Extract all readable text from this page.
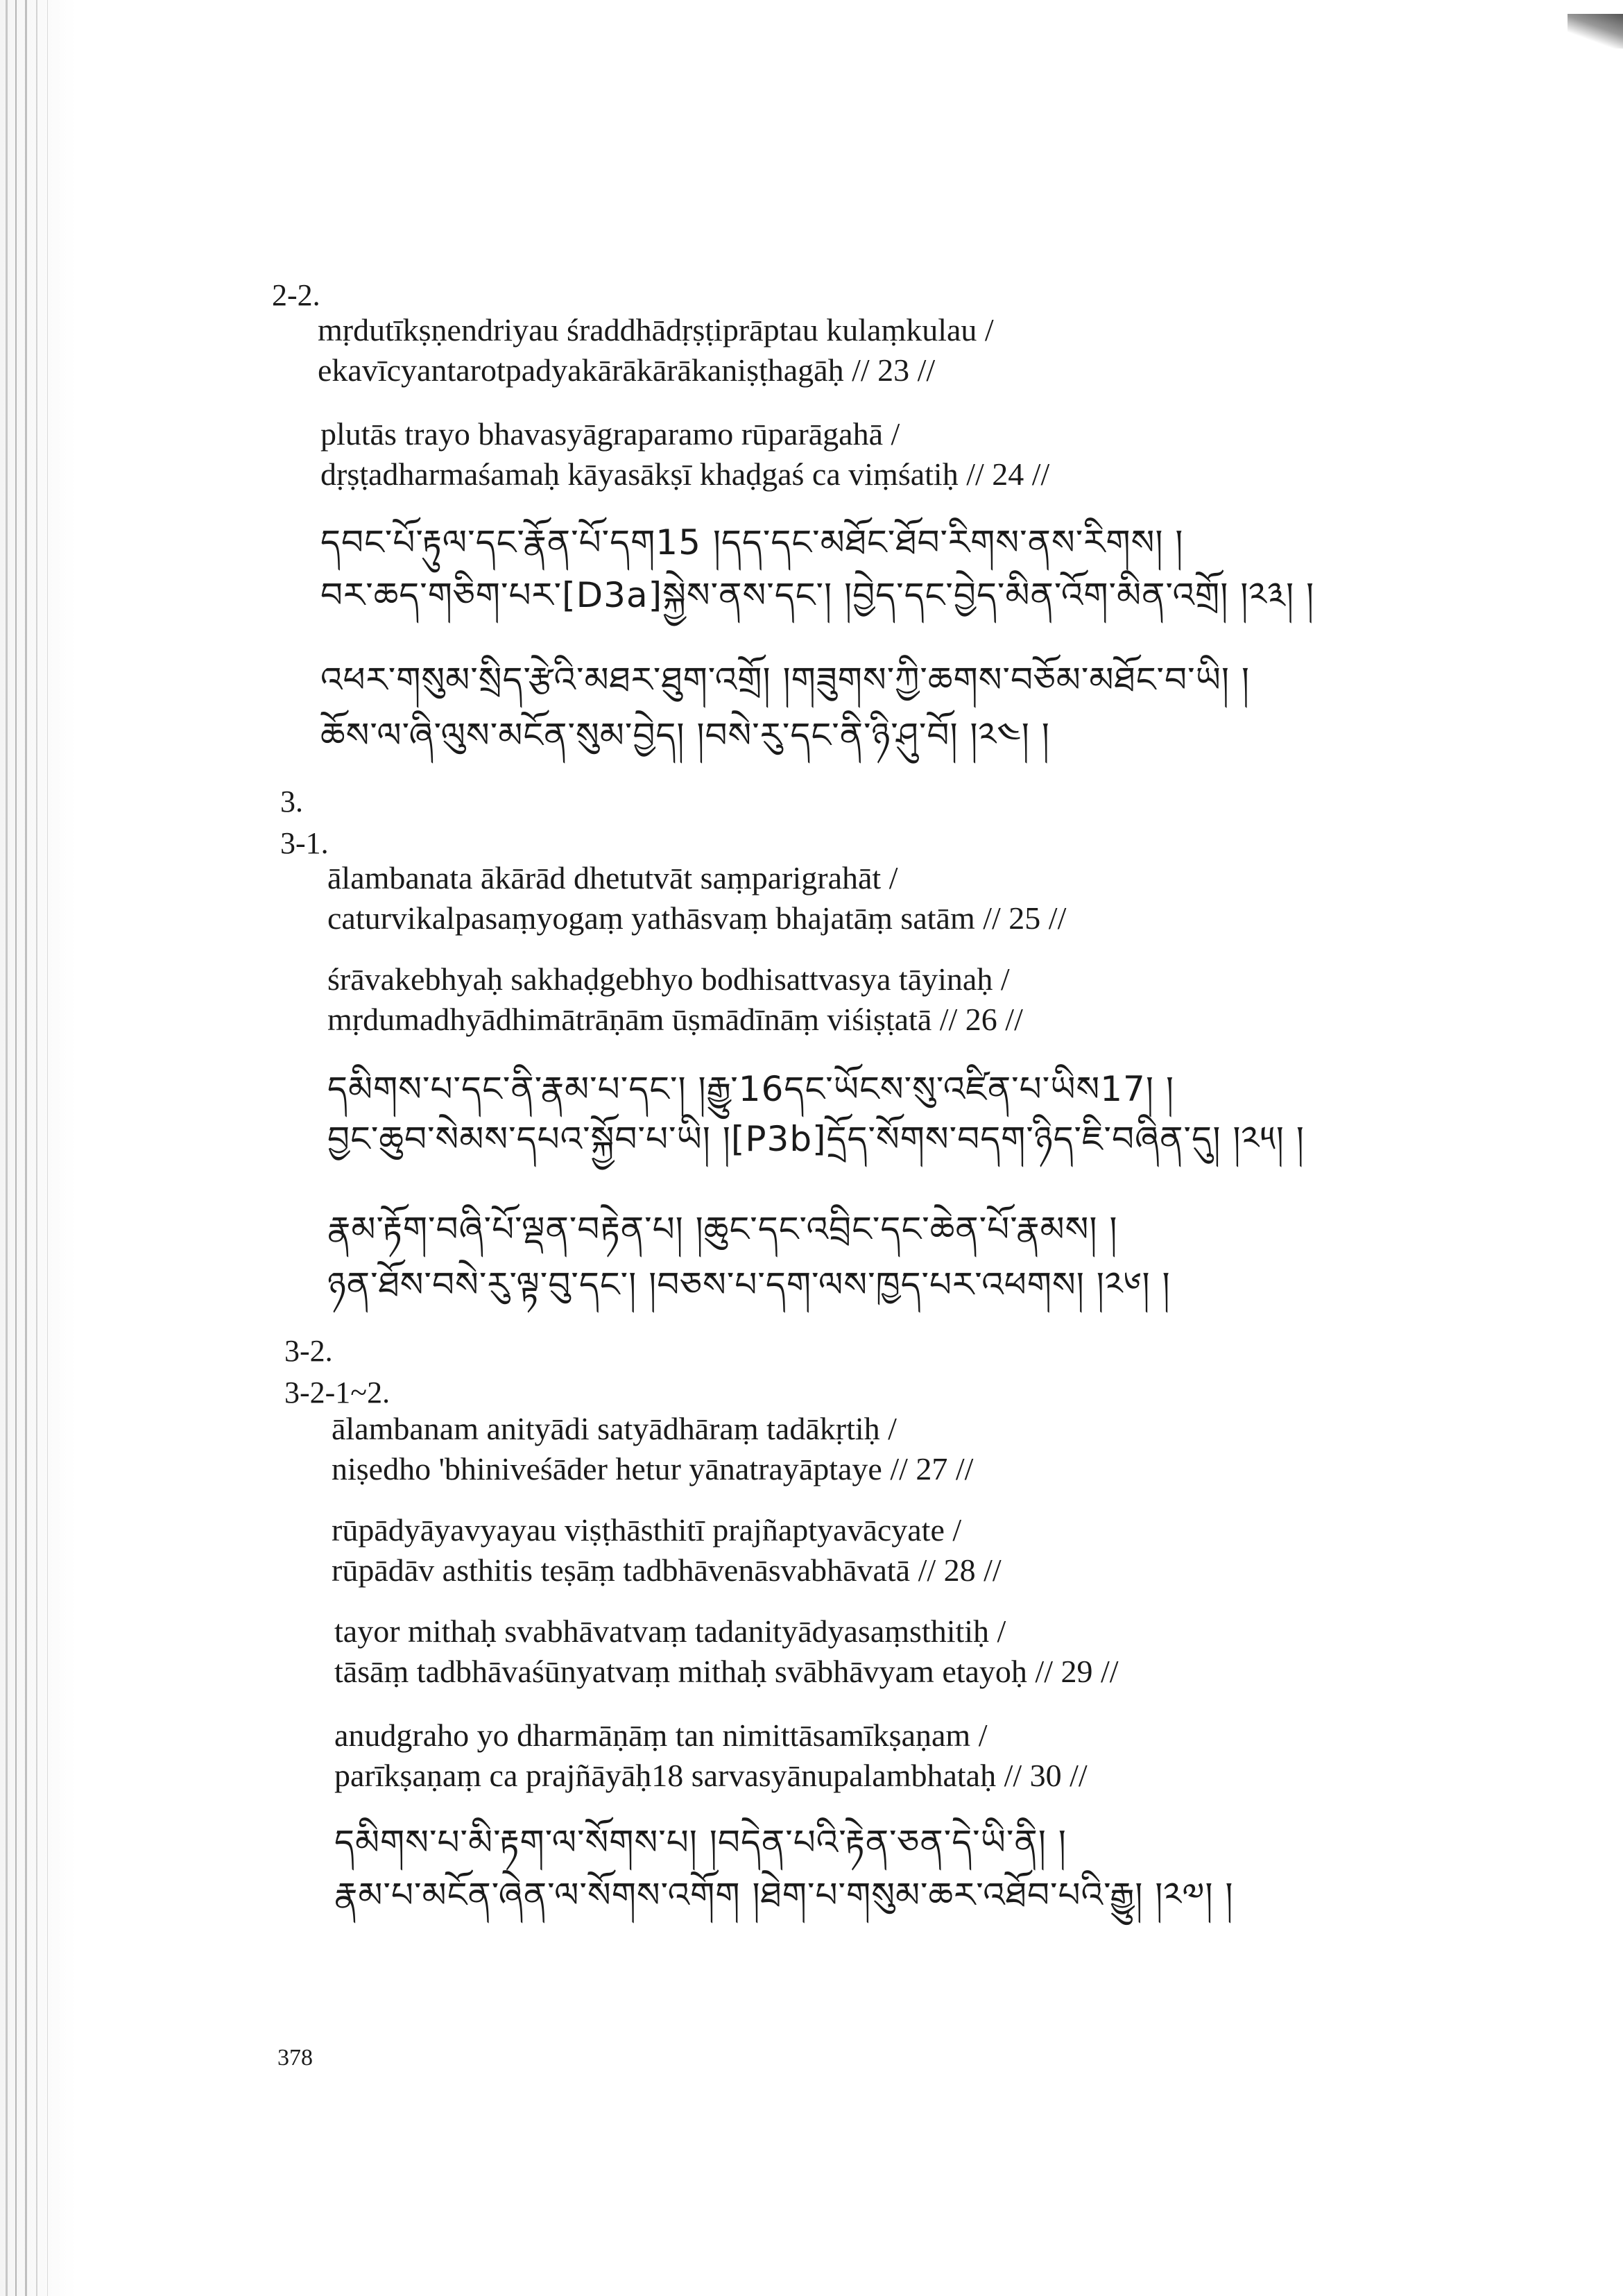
2-2.
mṛdutīkṣṇendriyau śraddhādṛṣṭiprāptau kulaṃkulau /
ekavīcyantarotpadyakārākārākaniṣṭhagāḥ // 23 //
plutās trayo bhavasyāgraparamo rūparāgahā /
dṛṣṭadharmaśamaḥ kāyasākṣī khaḍgaś ca viṃśatiḥ // 24 //
དབང་པོ་རྟུལ་དང་རྣོན་པོ་དག15 །དད་དང་མཐོང་ཐོབ་རིགས་ནས་རིགས། །
བར་ཆད་གཅིག་པར་[D3a]སྐྱེས་ནས་དང་། །བྱེད་དང་བྱེད་མིན་འོག་མིན་འགྲོ། །༢༣། །
འཕར་གསུམ་སྲིད་རྩེའི་མཐར་ཐུག་འགྲོ། །གཟུགས་ཀྱི་ཆགས་བཅོམ་མཐོང་བ་ཡི། །
ཆོས་ལ་ཞི་ལུས་མངོན་སུམ་བྱེད། །བསེ་རུ་དང་ནི་ཉི་ཤུ་བོ། །༢༤། །
3.
3-1.
ālambanata ākārād dhetutvāt saṃparigrahāt /
caturvikalpasaṃyogaṃ yathāsvaṃ bhajatāṃ satām // 25 //
śrāvakebhyaḥ sakhaḍgebhyo bodhisattvasya tāyinaḥ /
mṛdumadhyādhimātrāṇām ūṣmādīnāṃ viśiṣṭatā // 26 //
དམིགས་པ་དང་ནི་རྣམ་པ་དང་། །རྒྱུ་16དང་ཡོངས་སུ་འཛིན་པ་ཡིས17། །
བྱང་ཆུབ་སེམས་དཔའ་སྐྱོབ་པ་ཡི། །[P3b]དྲོད་སོགས་བདག་ཉིད་ཇི་བཞིན་དུ། །༢༥། །
རྣམ་རྟོག་བཞི་པོ་ལྡན་བརྟེན་པ། །ཆུང་དང་འབྲིང་དང་ཆེན་པོ་རྣམས། །
ཉན་ཐོས་བསེ་རུ་ལྟ་བུ་དང་། །བཅས་པ་དག་ལས་ཁྱད་པར་འཕགས། །༢༦། །
3-2.
3-2-1~2.
ālambanam anityādi satyādhāraṃ tadākṛtiḥ /
niṣedho 'bhiniveśāder hetur yānatrayāptaye // 27 //
rūpādyāyavyayau viṣṭhāsthitī prajñaptyavācyate /
rūpādāv asthitis teṣāṃ tadbhāvenāsvabhāvatā // 28 //
tayor mithaḥ svabhāvatvaṃ tadanityādyasaṃsthitiḥ /
tāsāṃ tadbhāvaśūnyatvaṃ mithaḥ svābhāvyam etayoḥ // 29 //
anudgraho yo dharmāṇāṃ tan nimittāsamīkṣaṇam /
parīkṣaṇaṃ ca prajñāyāḥ18 sarvasyānupalambhataḥ // 30 //
དམིགས་པ་མི་རྟག་ལ་སོགས་པ། །བདེན་པའི་རྟེན་ཅན་དེ་ཡི་ནི། །
རྣམ་པ་མངོན་ཞེན་ལ་སོགས་འགོག །ཐེག་པ་གསུམ་ཆར་འཐོབ་པའི་རྒྱུ། །༢༧། །
378
